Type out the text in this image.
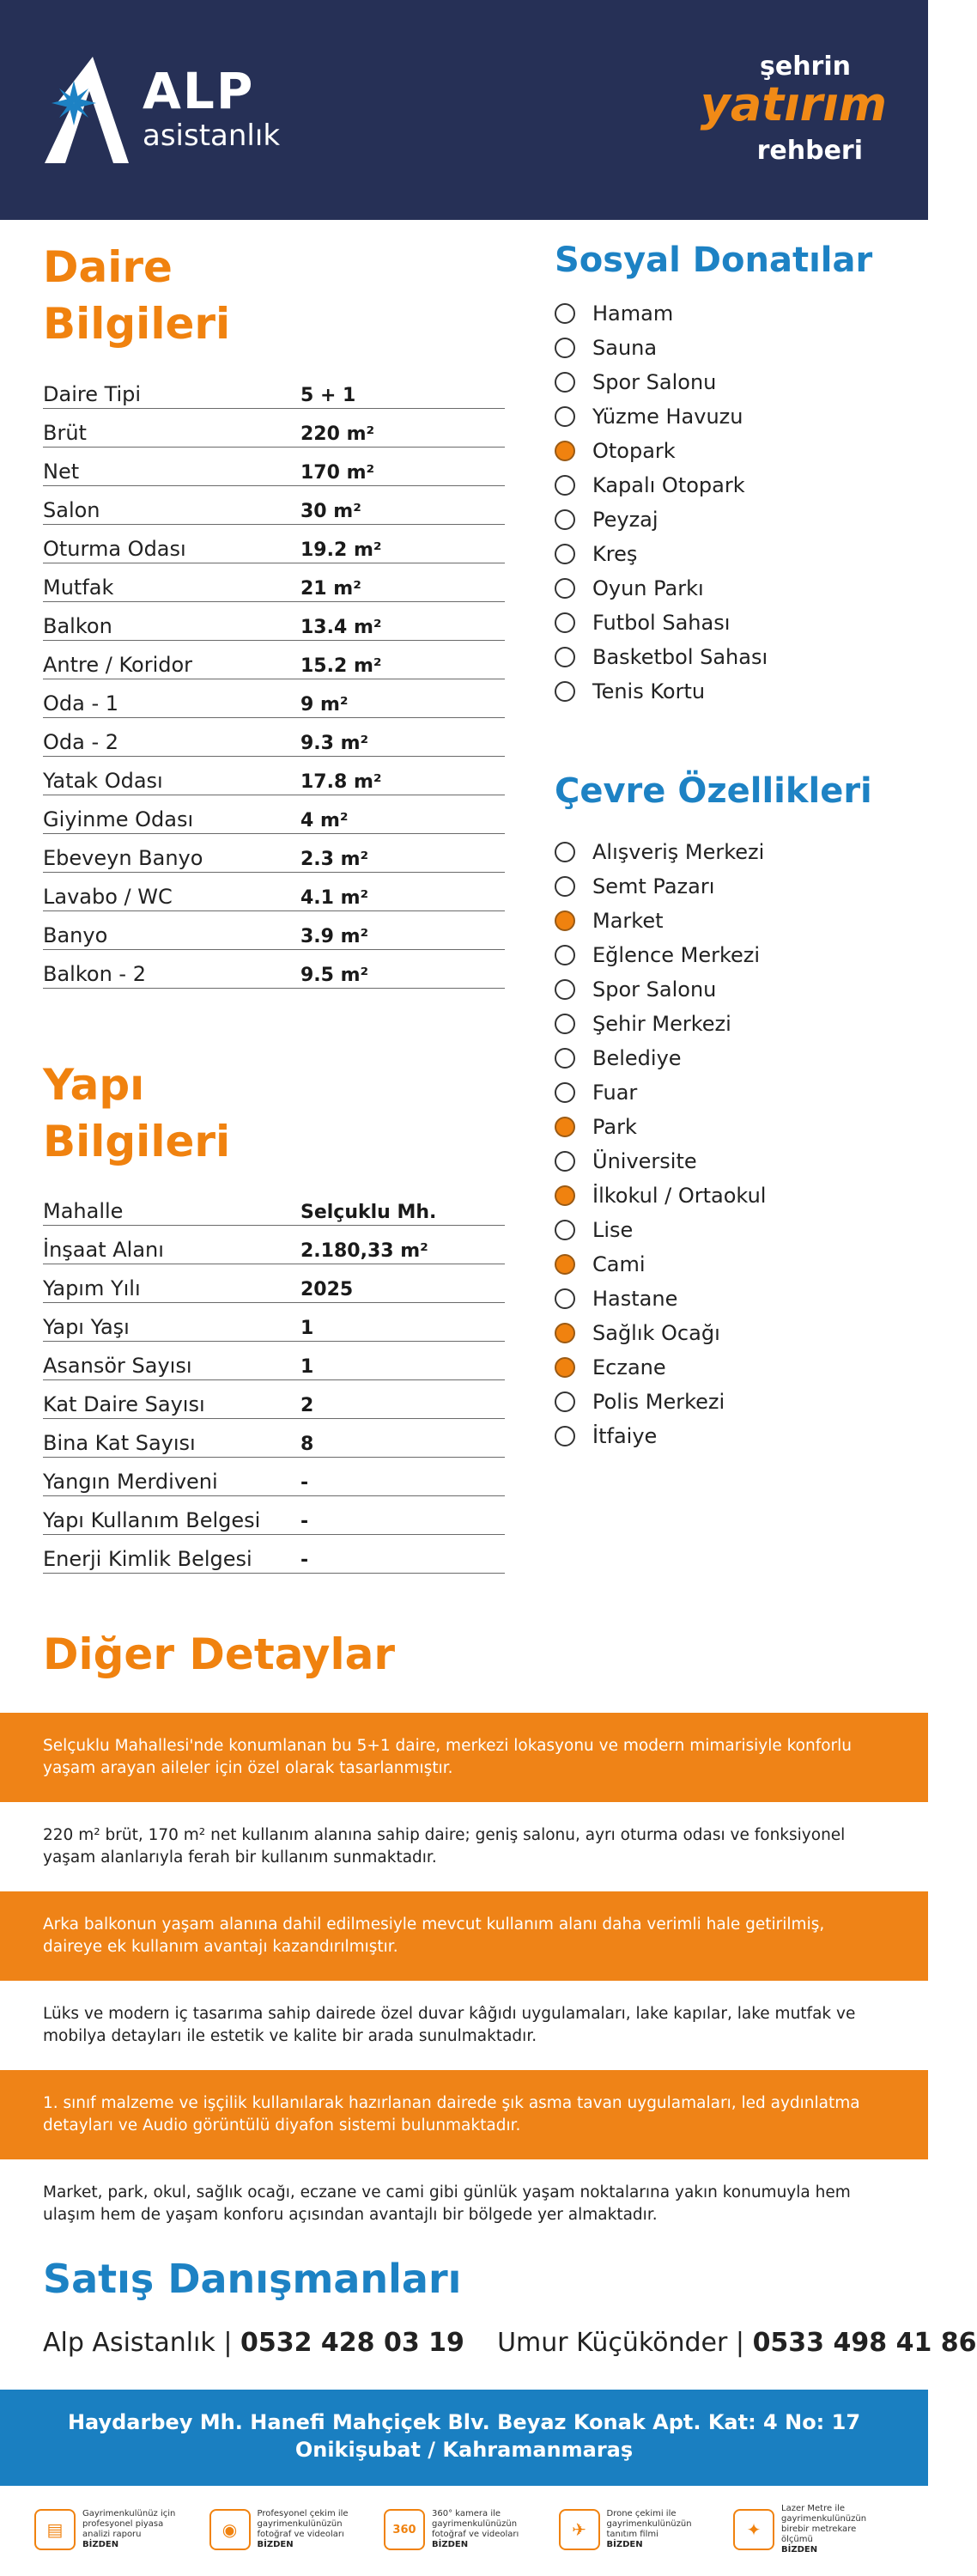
ALP
asistanlık
şehrin
yatırım
rehberi
Daire
Bilgileri
Daire Tipi	5 + 1
Brüt	220 m²
Net	170 m²
Salon	30 m²
Oturma Odası	19.2 m²
Mutfak	21 m²
Balkon	13.4 m²
Antre / Koridor	15.2 m²
Oda - 1	9 m²
Oda - 2	9.3 m²
Yatak Odası	17.8 m²
Giyinme Odası	4 m²
Ebeveyn Banyo	2.3 m²
Lavabo / WC	4.1 m²
Banyo	3.9 m²
Balkon - 2	9.5 m²
Yapı
Bilgileri
Mahalle	Selçuklu Mh.
İnşaat Alanı	2.180,33 m²
Yapım Yılı	2025
Yapı Yaşı	1
Asansör Sayısı	1
Kat Daire Sayısı	2
Bina Kat Sayısı	8
Yangın Merdiveni	-
Yapı Kullanım Belgesi	-
Enerji Kimlik Belgesi	-
Sosyal Donatılar
Hamam
Sauna
Spor Salonu
Yüzme Havuzu
Otopark
Kapalı Otopark
Peyzaj
Kreş
Oyun Parkı
Futbol Sahası
Basketbol Sahası
Tenis Kortu
Çevre Özellikleri
Alışveriş Merkezi
Semt Pazarı
Market
Eğlence Merkezi
Spor Salonu
Şehir Merkezi
Belediye
Fuar
Park
Üniversite
İlkokul / Ortaokul
Lise
Cami
Hastane
Sağlık Ocağı
Eczane
Polis Merkezi
İtfaiye
Diğer Detaylar
Selçuklu Mahallesi'nde konumlanan bu 5+1 daire, merkezi lokasyonu ve modern mimarisiyle konforlu yaşam arayan aileler için özel olarak tasarlanmıştır.
220 m² brüt, 170 m² net kullanım alanına sahip daire; geniş salonu, ayrı oturma odası ve fonksiyonel yaşam alanlarıyla ferah bir kullanım sunmaktadır.
Arka balkonun yaşam alanına dahil edilmesiyle mevcut kullanım alanı daha verimli hale getirilmiş, daireye ek kullanım avantajı kazandırılmıştır.
Lüks ve modern iç tasarıma sahip dairede özel duvar kâğıdı uygulamaları, lake kapılar, lake mutfak ve mobilya detayları ile estetik ve kalite bir arada sunulmaktadır.
1. sınıf malzeme ve işçilik kullanılarak hazırlanan dairede şık asma tavan uygulamaları, led aydınlatma detayları ve Audio görüntülü diyafon sistemi bulunmaktadır.
Market, park, okul, sağlık ocağı, eczane ve cami gibi günlük yaşam noktalarına yakın konumuyla hem ulaşım hem de yaşam konforu açısından avantajlı bir bölgede yer almaktadır.
Satış Danışmanları
Alp Asistanlık | 0532 428 03 19 Umur Küçükönder | 0533 498 41 86
Haydarbey Mh. Hanefi Mahçiçek Blv. Beyaz Konak Apt. Kat: 4 No: 17
Onikişubat / Kahramanmaraş
▤
Gayrimenkulünüz için
profesyonel piyasa
analizi raporu
BİZDEN
◉
Profesyonel çekim ile
gayrimenkulünüzün
fotoğraf ve videoları
BİZDEN
360
360° kamera ile
gayrimenkulünüzün
fotoğraf ve videoları
BİZDEN
✈
Drone çekimi ile
gayrimenkulünüzün
tanıtım filmi
BİZDEN
✦
Lazer Metre ile
gayrimenkulünüzün
birebir metrekare
ölçümü
BİZDEN
